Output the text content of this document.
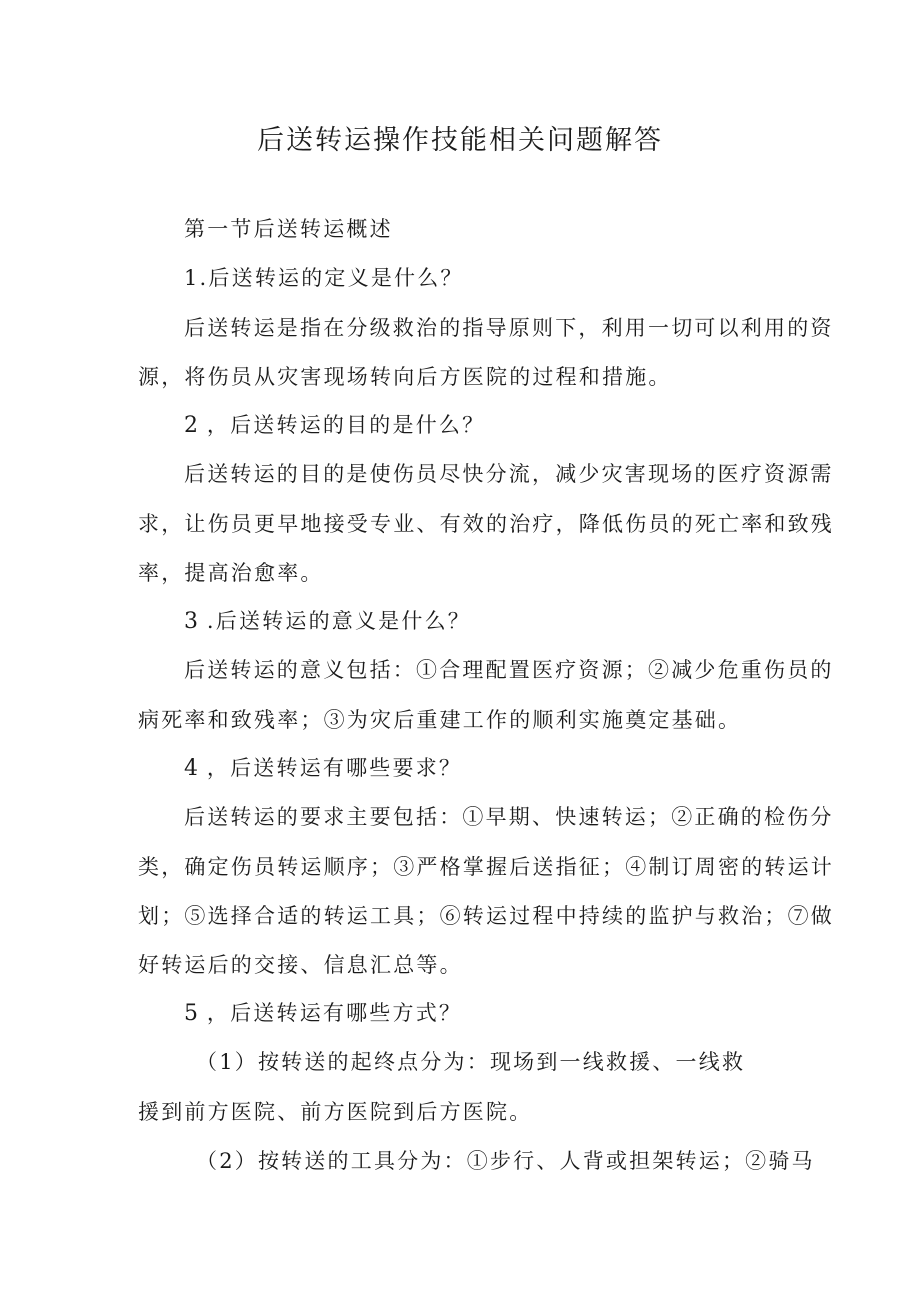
后送转运操作技能相关问题解答

第一节后送转运概述

1.后送转运的定义是什么？

后送转运是指在分级救治的指导原则下，利用一切可以利用的资

源，将伤员从灾害现场转向后方医院的过程和措施。

2 ，后送转运的目的是什么？

后送转运的目的是使伤员尽快分流，减少灾害现场的医疗资源需

求，让伤员更早地接受专业、有效的治疗，降低伤员的死亡率和致残

率，提高治愈率。

3 .后送转运的意义是什么？

后送转运的意义包括：①合理配置医疗资源；②减少危重伤员的

病死率和致残率；③为灾后重建工作的顺利实施奠定基础。

4 ，后送转运有哪些要求？

后送转运的要求主要包括：①早期、快速转运；②正确的检伤分

类，确定伤员转运顺序；③严格掌握后送指征；④制订周密的转运计

划；⑤选择合适的转运工具；⑥转运过程中持续的监护与救治；⑦做

好转运后的交接、信息汇总等。

5 ，后送转运有哪些方式？

（1）按转送的起终点分为：现场到一线救援、一线救

援到前方医院、前方医院到后方医院。

（2）按转送的工具分为：①步行、人背或担架转运；②骑马
